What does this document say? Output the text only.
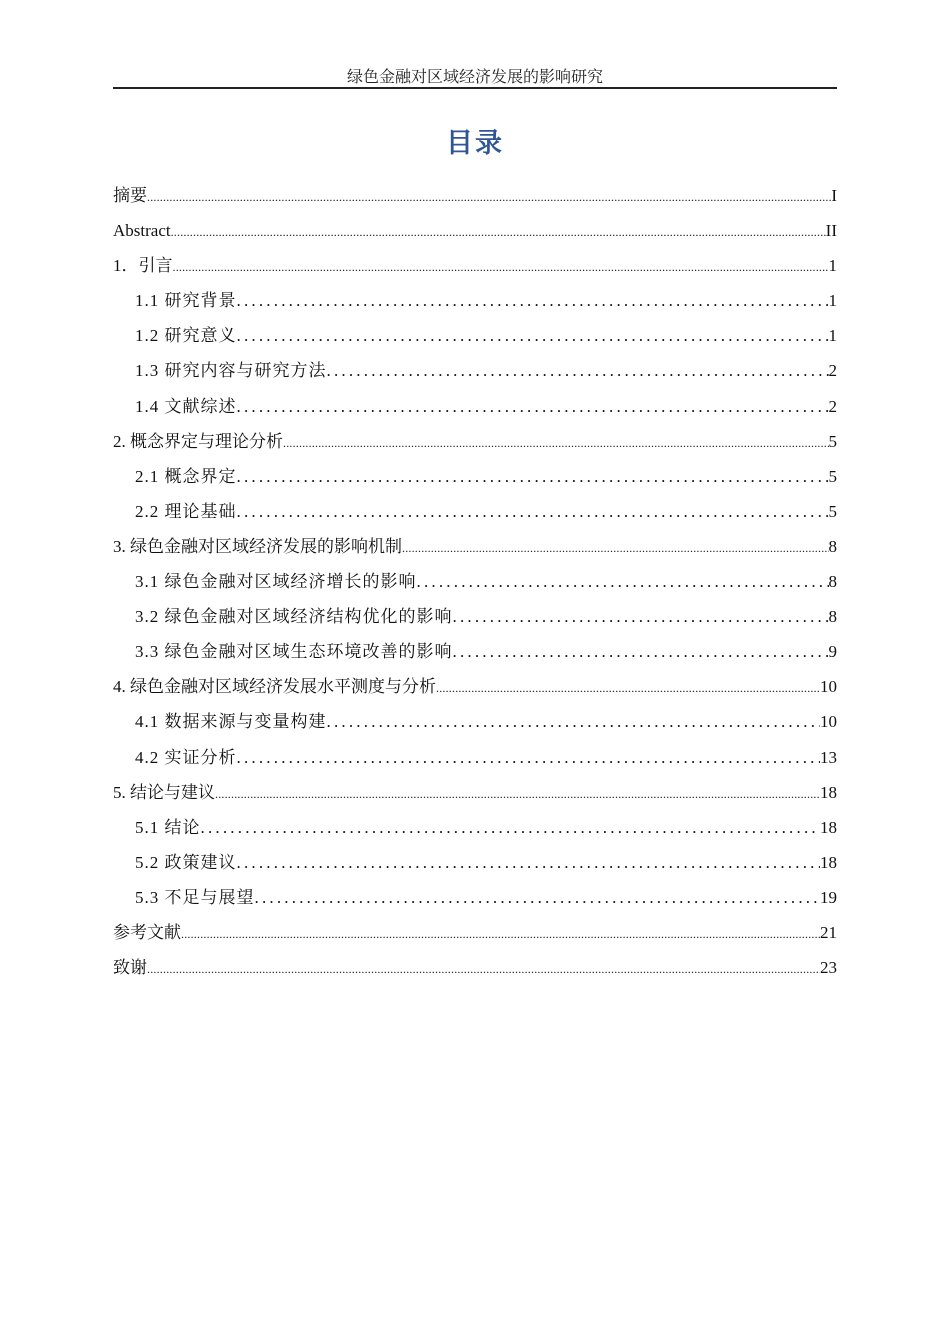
绿色金融对区域经济发展的影响研究
目录
摘要 .....	I
Abstract .....	II
1．引言 .....	1
1.1 研究背景 .....	1
1.2 研究意义 .....	1
1.3 研究内容与研究方法 .....	2
1.4 文献综述 .....	2
2. 概念界定与理论分析 .....	5
2.1 概念界定 .....	5
2.2 理论基础 .....	5
3. 绿色金融对区域经济发展的影响机制 .....	8
3.1 绿色金融对区域经济增长的影响 .....	8
3.2 绿色金融对区域经济结构优化的影响 .....	8
3.3 绿色金融对区域生态环境改善的影响 .....	9
4. 绿色金融对区域经济发展水平测度与分析 .....	10
4.1 数据来源与变量构建 .....	10
4.2 实证分析 .....	13
5. 结论与建议 .....	18
5.1 结论 .....	18
5.2 政策建议 .....	18
5.3 不足与展望 .....	19
参考文献 .....	21
致谢 .....	23
